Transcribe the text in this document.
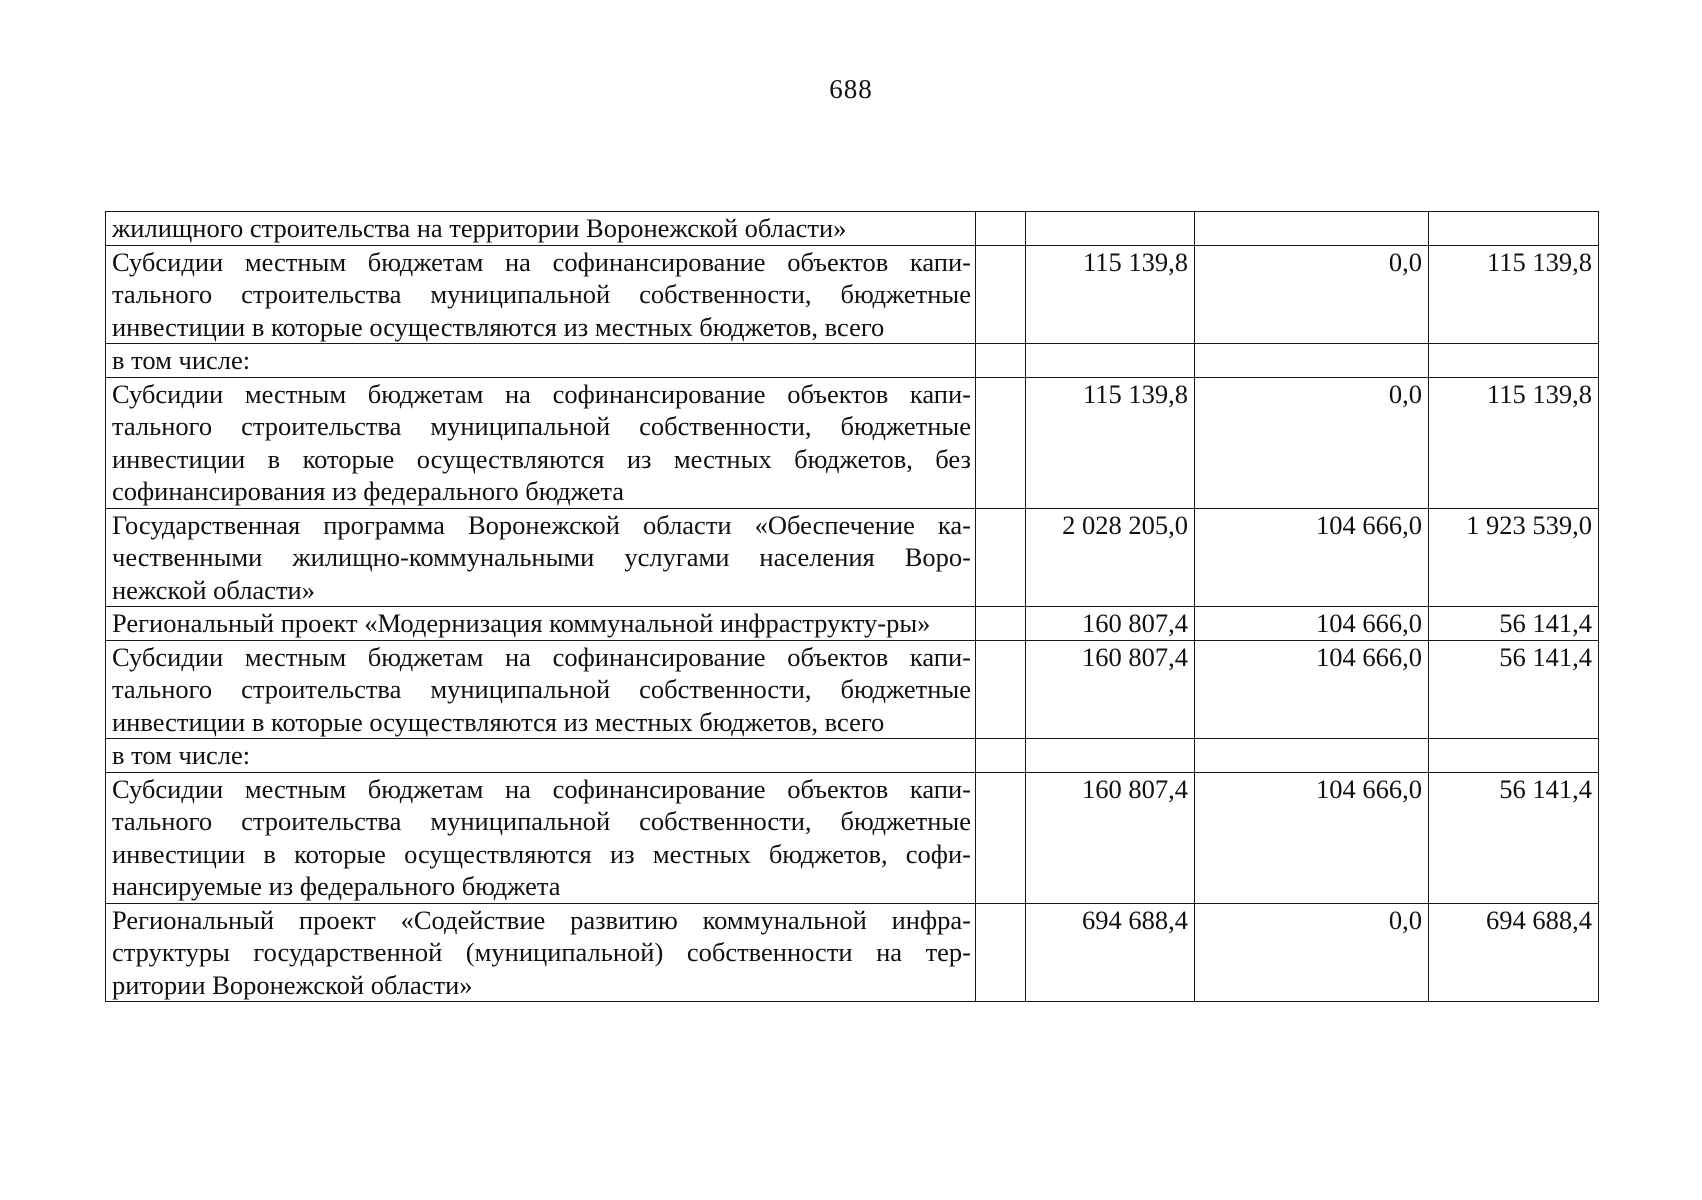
688
жилищного строительства на территории Воронежской области»				
Субсидии местным бюджетам на софинансирование объектов капи-тального строительства муниципальной собственности, бюджетные инвестиции в которые осуществляются из местных бюджетов, всего		115 139,8	0,0	115 139,8
в том числе:				
Субсидии местным бюджетам на софинансирование объектов капи-тального строительства муниципальной собственности, бюджетные инвестиции в которые осуществляются из местных бюджетов, без софинансирования из федерального бюджета		115 139,8	0,0	115 139,8
Государственная программа Воронежской области «Обеспечение ка-чественными жилищно-коммунальными услугами населения Воро-нежской области»		2 028 205,0	104 666,0	1 923 539,0
Региональный проект «Модернизация коммунальной инфраструкту-ры»		160 807,4	104 666,0	56 141,4
Субсидии местным бюджетам на софинансирование объектов капи-тального строительства муниципальной собственности, бюджетные инвестиции в которые осуществляются из местных бюджетов, всего		160 807,4	104 666,0	56 141,4
в том числе:				
Субсидии местным бюджетам на софинансирование объектов капи-тального строительства муниципальной собственности, бюджетные инвестиции в которые осуществляются из местных бюджетов, софи-нансируемые из федерального бюджета		160 807,4	104 666,0	56 141,4
Региональный проект «Содействие развитию коммунальной инфра-структуры государственной (муниципальной) собственности на тер-ритории Воронежской области»		694 688,4	0,0	694 688,4
